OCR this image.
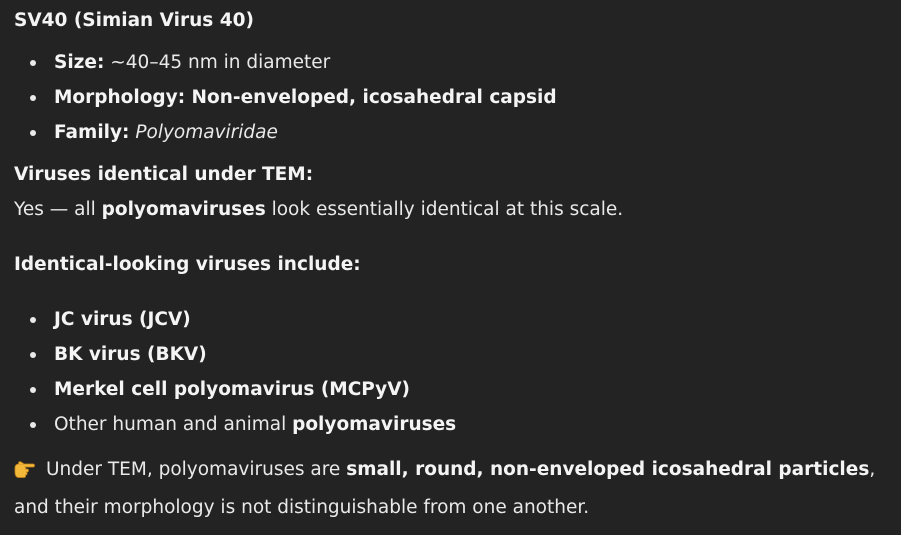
SV40 (Simian Virus 40)
Size: ~40–45 nm in diameter
Morphology: Non-enveloped, icosahedral capsid
Family: Polyomaviridae
Viruses identical under TEM:
Yes — all polyomaviruses look essentially identical at this scale.
Identical-looking viruses include:
JC virus (JCV)
BK virus (BKV)
Merkel cell polyomavirus (MCPyV)
Other human and animal polyomaviruses
Under TEM, polyomaviruses are small, round, non-enveloped icosahedral particles, and their morphology is not distinguishable from one another.
